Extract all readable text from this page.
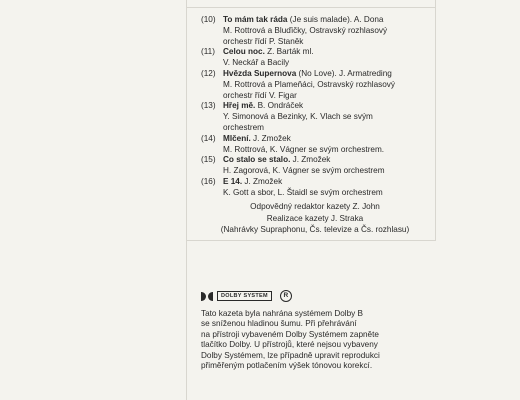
(10) To mám tak ráda (Je suis malade). A. Dona
M. Rottrová a Bluďičky, Ostravský rozhlasový
orchestr řídí P. Staněk
(11) Celou noc. Z. Barták ml.
V. Neckář a Bacily
(12) Hvězda Supernova (No Love). J. Armatreding
M. Rottrová a Plameňáci, Ostravský rozhlasový
orchestr řídí V. Figar
(13) Hřej mě. B. Ondráček
Y. Simonová a Bezinky, K. Vlach se svým
orchestrem
(14) Mlčení. J. Zmožek
M. Rottrová, K. Vágner se svým orchestrem.
(15) Co stalo se stalo. J. Zmožek
H. Zagorová, K. Vágner se svým orchestrem
(16) E 14. J. Zmožek
K. Gott a sbor, L. Štaidl se svým orchestrem
Odpovědný redaktor kazety Z. John
Realizace kazety J. Straka
(Nahrávky Supraphonu, Čs. televize a Čs. rozhlasu)
DOLBY SYSTEM	R
Tato kazeta byla nahrána systémem Dolby B
se sníženou hladinou šumu. Při přehrávání
na přístroji vybaveném Dolby Systémem zapněte
tlačítko Dolby. U přístrojů, které nejsou vybaveny
Dolby Systémem, lze případně upravit reprodukci
přiměřeným potlačením výšek tónovou korekcí.
